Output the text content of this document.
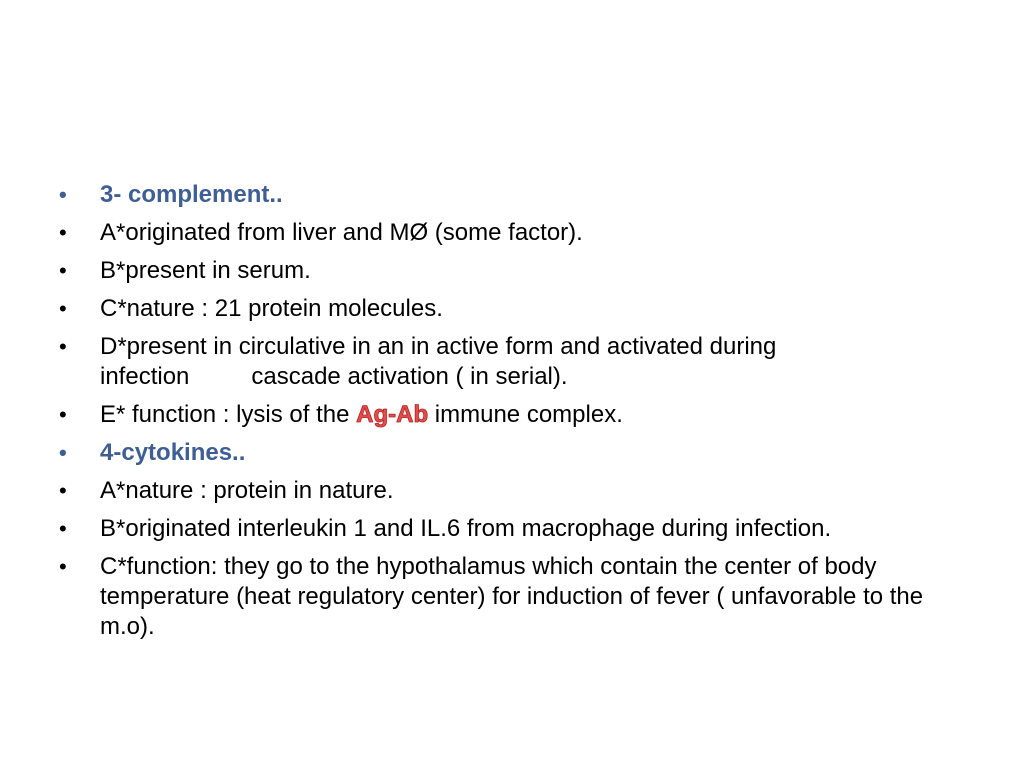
•	3- complement..
•	A*originated from liver and MØ (some factor).
•	B*present in serum.
•	C*nature : 21 protein molecules.
•	D*present in circulative in an in active form and activated during
infection	cascade activation ( in serial).
•	E* function : lysis of the Ag-Ab immune complex.
•	4-cytokines..
•	A*nature : protein in nature.
•	B*originated interleukin 1 and IL.6 from macrophage during infection.
•	C*function: they go to the hypothalamus which contain the center of body temperature (heat regulatory center) for induction of fever ( unfavorable to the m.o).
